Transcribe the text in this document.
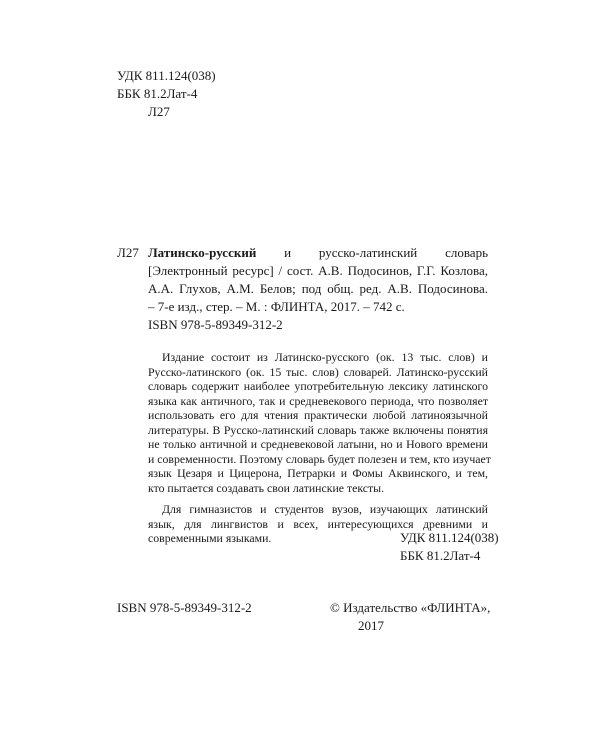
УДК 811.124(038)
ББК 81.2Лат-4
Л27
Л27 Латинско-русский и русско-латинский словарь
[Электронный ресурс] / сост. А.В. Подосинов, Г.Г. Козлова,
А.А. Глухов, А.М. Белов; под общ. ред. А.В. Подосинова.
– 7-е изд., стер. – М. : ФЛИНТА, 2017. – 742 с.
ISBN 978-5-89349-312-2
Издание состоит из Латинско-русского (ок. 13 тыс. слов) и
Русско-латинского (ок. 15 тыс. слов) словарей. Латинско-русский
словарь содержит наиболее употребительную лексику латинского
языка как античного, так и средневекового периода, что позволяет
использовать его для чтения практически любой латиноязычной
литературы. В Русско-латинский словарь также включены понятия
не только античной и средневековой латыни, но и Нового времени
и современности. Поэтому словарь будет полезен и тем, кто изучает
язык Цезаря и Цицерона, Петрарки и Фомы Аквинского, и тем,
кто пытается создавать свои латинские тексты.
Для гимназистов и студентов вузов, изучающих латинский
язык, для лингвистов и всех, интересующихся древними и
современными языками.	УДК 811.124(038)
ББК 81.2Лат-4
ISBN 978-5-89349-312-2	© Издательство «ФЛИНТА»,
2017
